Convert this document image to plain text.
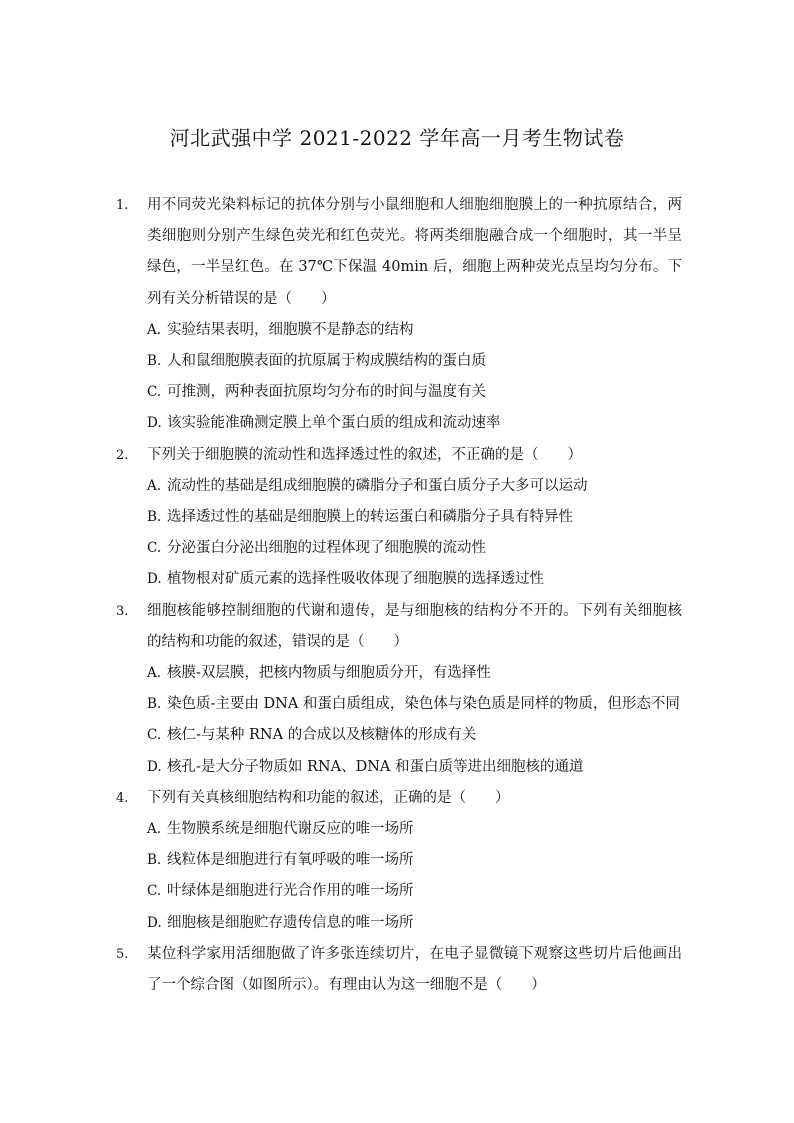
河北武强中学 2021-2022 学年高一月考生物试卷
1.	用不同荧光染料标记的抗体分别与小鼠细胞和人细胞细胞膜上的一种抗原结合，两类细胞则分别产生绿色荧光和红色荧光。将两类细胞融合成一个细胞时，其一半呈绿色，一半呈红色。在 37℃下保温 40min 后，细胞上两种荧光点呈均匀分布。下列有关分析错误的是（　　）
A. 实验结果表明，细胞膜不是静态的结构
B. 人和鼠细胞膜表面的抗原属于构成膜结构的蛋白质
C. 可推测，两种表面抗原均匀分布的时间与温度有关
D. 该实验能准确测定膜上单个蛋白质的组成和流动速率
2.	下列关于细胞膜的流动性和选择透过性的叙述，不正确的是（　　）
A. 流动性的基础是组成细胞膜的磷脂分子和蛋白质分子大多可以运动
B. 选择透过性的基础是细胞膜上的转运蛋白和磷脂分子具有特异性
C. 分泌蛋白分泌出细胞的过程体现了细胞膜的流动性
D. 植物根对矿质元素的选择性吸收体现了细胞膜的选择透过性
3.	细胞核能够控制细胞的代谢和遗传，是与细胞核的结构分不开的。下列有关细胞核的结构和功能的叙述，错误的是（　　）
A. 核膜-双层膜，把核内物质与细胞质分开，有选择性
B. 染色质-主要由 DNA 和蛋白质组成，染色体与染色质是同样的物质，但形态不同
C. 核仁-与某种 RNA 的合成以及核糖体的形成有关
D. 核孔-是大分子物质如 RNA、DNA 和蛋白质等进出细胞核的通道
4.	下列有关真核细胞结构和功能的叙述，正确的是（　　）
A. 生物膜系统是细胞代谢反应的唯一场所
B. 线粒体是细胞进行有氧呼吸的唯一场所
C. 叶绿体是细胞进行光合作用的唯一场所
D. 细胞核是细胞贮存遗传信息的唯一场所
5.	某位科学家用活细胞做了许多张连续切片，在电子显微镜下观察这些切片后他画出了一个综合图（如图所示）。有理由认为这一细胞不是（　　）
